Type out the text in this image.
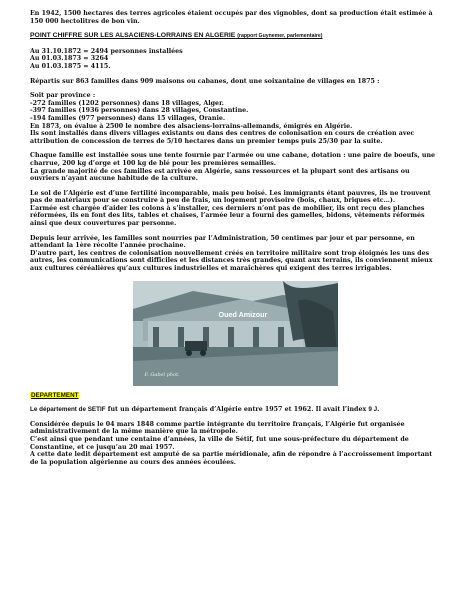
En 1942, 1500 hectares des terres agricoles étaient occupés par des vignobles, dont sa production était estimée à 150 000 hectolitres de bon vin.

POINT CHIFFRE SUR LES ALSACIENS-LORRAINS EN ALGERIE (rapport Guynemer, parlementaire)

Au 31.10.1872 = 2494 personnes installées

Au 01.03.1873 = 3264

Au 01.03.1875 = 4115.

Répartis sur 863 familles dans 909 maisons ou cabanes, dont une soixantaine de villages en 1875 :

Soit par province :

-272 familles (1202 personnes) dans 18 villages, Alger.

-397 familles (1936 personnes) dans 28 villages, Constantine.

-194 familles (977 personnes) dans 15 villages, Oranie.

En 1873, on évalue à 2500 le nombre des alsaciens-lorrains-allemands, émigrés en Algérie.

Ils sont installés dans divers villages existants ou dans des centres de colonisation en cours de création avec attribution de concession de terres de 5/10 hectares dans un premier temps puis 25/30 par la suite.

Chaque famille est installée sous une tente fournie par l’armée ou une cabane, dotation : une paire de boeufs, une charrue, 200 kg d’orge et 100 kg de blé pour les premières semailles.

La grande majorité de ces familles est arrivée en Algérie, sans ressources et la plupart sont des artisans ou ouvriers n’ayant aucune habitude de la culture.

Le sol de l’Algérie est d’une fertilité incomparable, mais peu boisé. Les immigrants étant pauvres, ils ne trouvent pas de matériaux pour se construire à peu de frais, un logement provisoire (bois, chaux, briques etc…).

L’armée est chargée d’aider les colons à s’installer, ces derniers n’ont pas de mobilier, ils ont reçu des planches réformées, ils en font des lits, tables et chaises, l’armée leur a fourni des gamelles, bidons, vêtements réformés ainsi que deux couvertures par personne.

Depuis leur arrivée, les familles sont nourries par l’Administration, 50 centimes par jour et par personne, en attendant la 1ère récolte l’année prochaine.

D’autre part, les centres de colonisation nouvellement créés en territoire militaire sont trop éloignés les uns des autres, les communications sont difficiles et les distances très grandes, quant aux terrains, ils conviennent mieux aux cultures céréalières qu’aux cultures industrielles et maraîchères qui exigent des terres irrigables.

Oued Amizour
F. Gabel phot.

DEPARTEMENT

Le département de SETIF fut un département français d’Algérie entre 1957 et 1962. Il avait l’index 9 J.

Considérée depuis le 04 mars 1848 comme partie intégrante du territoire français, l’Algérie fut organisée administrativement de la même manière que la métropole.

C’est ainsi que pendant une centaine d’années, la ville de Sétif, fut une sous-préfecture du département de Constantine, et ce jusqu’au 20 mai 1957.

A cette date ledit département est amputé de sa partie méridionale, afin de répondre à l’accroissement important de la population algérienne au cours des années écoulées.
